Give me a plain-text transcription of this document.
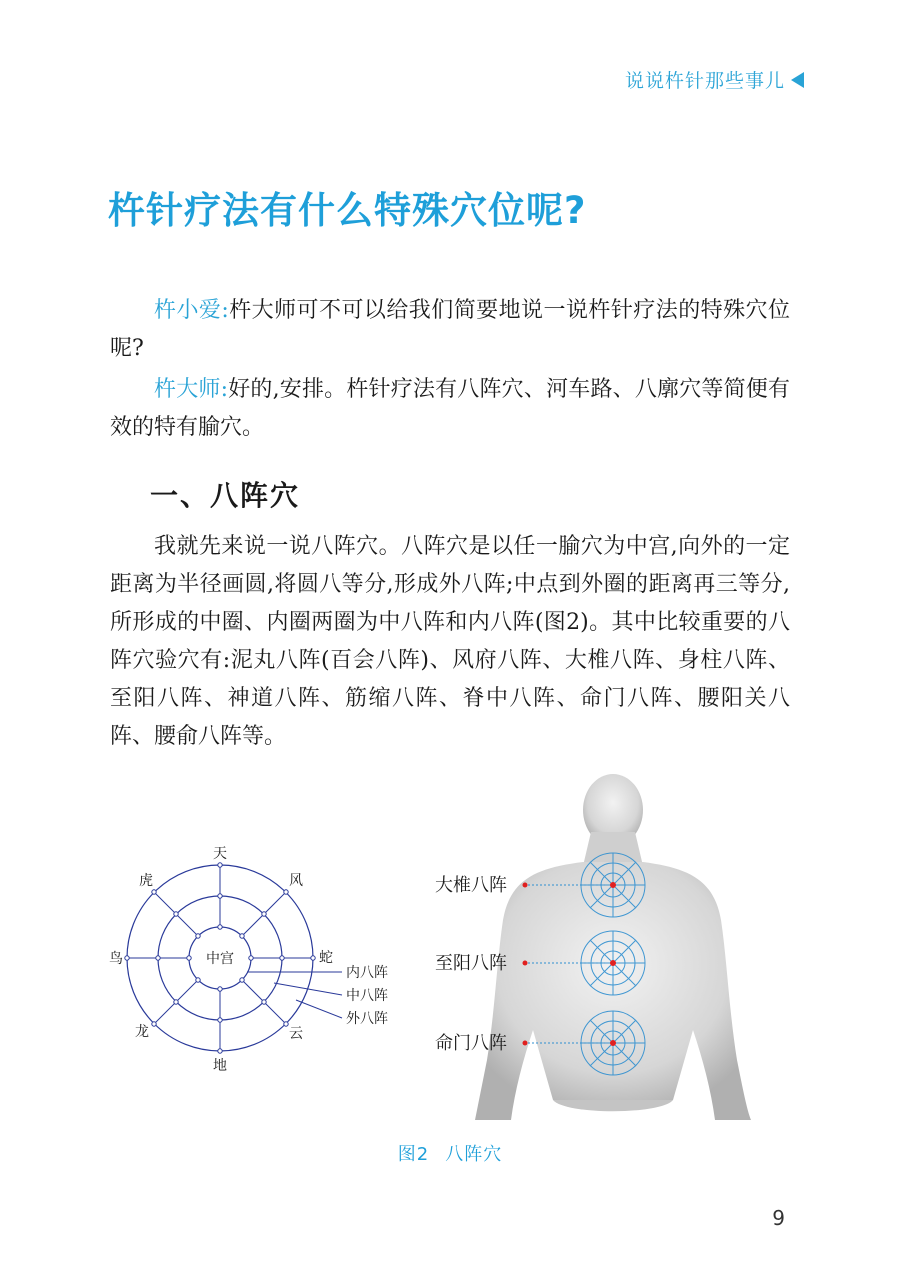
说说杵针那些事儿
杵针疗法有什么特殊穴位呢?

杵小爱:杵大师可不可以给我们简要地说一说杵针疗法的特殊穴位呢?

杵大师:好的,安排。杵针疗法有八阵穴、河车路、八廓穴等简便有效的特有腧穴。

一、八阵穴

我就先来说一说八阵穴。八阵穴是以任一腧穴为中宫,向外的一定距离为半径画圆,将圆八等分,形成外八阵;中点到外圈的距离再三等分,所形成的中圈、内圈两圈为中八阵和内八阵(图2)。其中比较重要的八阵穴验穴有:泥丸八阵(百会八阵)、风府八阵、大椎八阵、身柱八阵、至阳八阵、神道八阵、筋缩八阵、脊中八阵、命门八阵、腰阳关八阵、腰俞八阵等。

中宫
天
虎	风
鸟	蛇
龙	云
地
内八阵
中八阵
外八阵
大椎八阵
至阳八阵
命门八阵
图2 八阵穴
9
